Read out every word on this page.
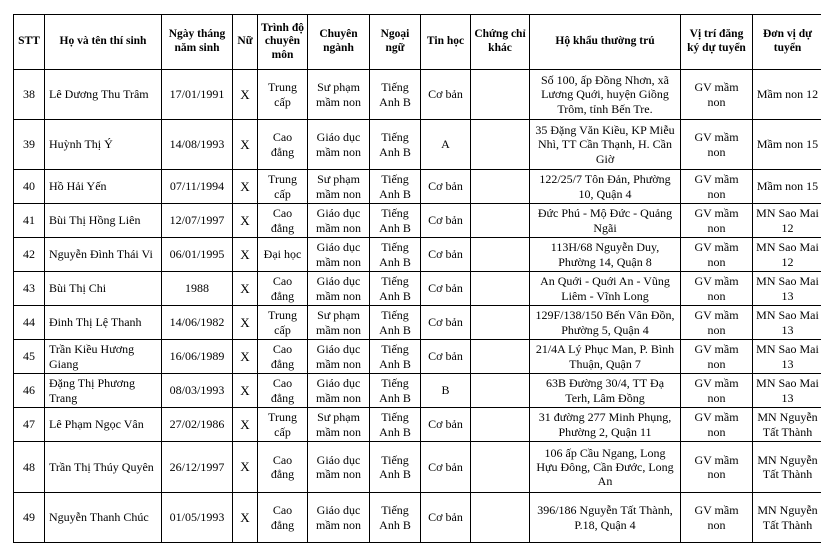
STT	Họ và tên thí sinh	Ngày tháng năm sinh	Nữ	Trình độ chuyên môn	Chuyên ngành	Ngoại ngữ	Tin học	Chứng chỉ khác	Hộ khẩu thường trú	Vị trí đăng ký dự tuyển	Đơn vị dự tuyển
38	Lê Dương Thu Trâm	17/01/1991	X	Trung cấp	Sư phạm mầm non	Tiếng Anh B	Cơ bản		Số 100, ấp Đồng Nhơn, xã Lương Quới, huyện Giồng Trôm, tỉnh Bến Tre.	GV mầm non	Mầm non 12
39	Huỳnh Thị Ý	14/08/1993	X	Cao đẳng	Giáo dục mầm non	Tiếng Anh B	A		35 Đặng Văn Kiều, KP Miễu Nhì, TT Cần Thạnh, H. Cần Giờ	GV mầm non	Mầm non 15
40	Hồ Hải Yến	07/11/1994	X	Trung cấp	Sư phạm mầm non	Tiếng Anh B	Cơ bản		122/25/7 Tôn Đản, Phường 10, Quận 4	GV mầm non	Mầm non 15
41	Bùi Thị Hồng Liên	12/07/1997	X	Cao đẳng	Giáo dục mầm non	Tiếng Anh B	Cơ bản		Đức Phú - Mộ Đức - Quảng Ngãi	GV mầm non	MN Sao Mai 12
42	Nguyễn Đình Thái Vi	06/01/1995	X	Đại học	Giáo dục mầm non	Tiếng Anh B	Cơ bản		113H/68 Nguyễn Duy, Phường 14, Quận 8	GV mầm non	MN Sao Mai 12
43	Bùi Thị Chi	1988	X	Cao đẳng	Giáo dục mầm non	Tiếng Anh B	Cơ bản		An Quới - Quới An - Vũng Liêm - Vĩnh Long	GV mầm non	MN Sao Mai 13
44	Đinh Thị Lệ Thanh	14/06/1982	X	Trung cấp	Sư phạm mầm non	Tiếng Anh B	Cơ bản		129F/138/150 Bến Vân Đồn, Phường 5, Quận 4	GV mầm non	MN Sao Mai 13
45	Trần Kiều Hương Giang	16/06/1989	X	Cao đẳng	Giáo dục mầm non	Tiếng Anh B	Cơ bản		21/4A Lý Phục Man, P. Bình Thuận, Quận 7	GV mầm non	MN Sao Mai 13
46	Đặng Thị Phương Trang	08/03/1993	X	Cao đẳng	Giáo dục mầm non	Tiếng Anh B	B		63B Đường 30/4, TT Đạ Terh, Lâm Đồng	GV mầm non	MN Sao Mai 13
47	Lê Phạm Ngọc Vân	27/02/1986	X	Trung cấp	Sư phạm mầm non	Tiếng Anh B	Cơ bản		31 đường 277 Minh Phụng, Phường 2, Quận 11	GV mầm non	MN Nguyễn Tất Thành
48	Trần Thị Thúy Quyên	26/12/1997	X	Cao đẳng	Giáo dục mầm non	Tiếng Anh B	Cơ bản		106 ấp Cầu Ngang, Long Hựu Đông, Cần Đước, Long An	GV mầm non	MN Nguyễn Tất Thành
49	Nguyễn Thanh Chúc	01/05/1993	X	Cao đẳng	Giáo dục mầm non	Tiếng Anh B	Cơ bản		396/186 Nguyễn Tất Thành, P.18, Quận 4	GV mầm non	MN Nguyễn Tất Thành
